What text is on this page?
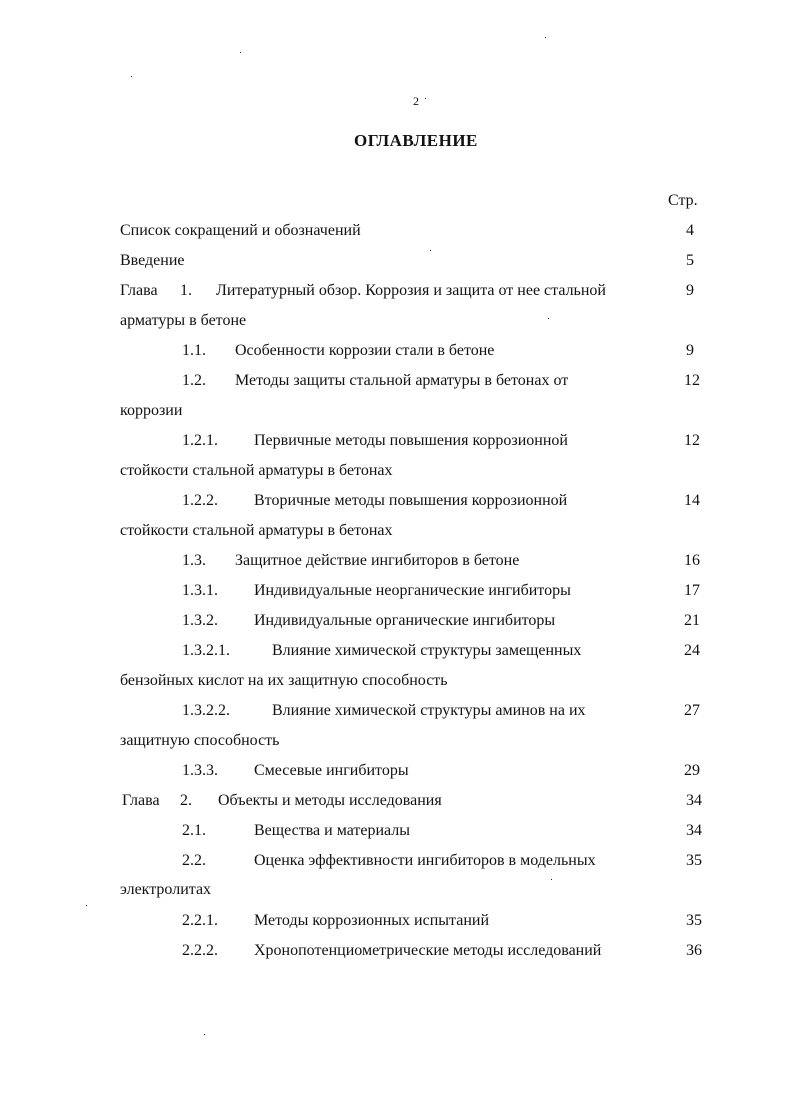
2
ОГЛАВЛЕНИЕ
Стр.
Список сокращений и обозначений	4
Введение	5
Глава 1. Литературный обзор. Коррозия и защита от нее стальной	9
арматуры в бетоне
1.1. Особенности коррозии стали в бетоне	9
1.2. Методы защиты стальной арматуры в бетонах от	12
коррозии
1.2.1. Первичные методы повышения коррозионной	12
стойкости стальной арматуры в бетонах
1.2.2. Вторичные методы повышения коррозионной	14
стойкости стальной арматуры в бетонах
1.3. Защитное действие ингибиторов в бетоне	16
1.3.1. Индивидуальные неорганические ингибиторы	17
1.3.2. Индивидуальные органические ингибиторы	21
1.3.2.1.	Влияние химической структуры замещенных	24
бензойных кислот на их защитную способность
1.3.2.2.	Влияние химической структуры аминов на их	27
защитную способность
1.3.3. Смесевые ингибиторы	29
Глава 2. Объекты и методы исследования	34
2.1.	Вещества и материалы	34
2.2.	Оценка эффективности ингибиторов в модельных	35
электролитах
2.2.1. Методы коррозионных испытаний	35
2.2.2. Хронопотенциометрические методы исследований	36
